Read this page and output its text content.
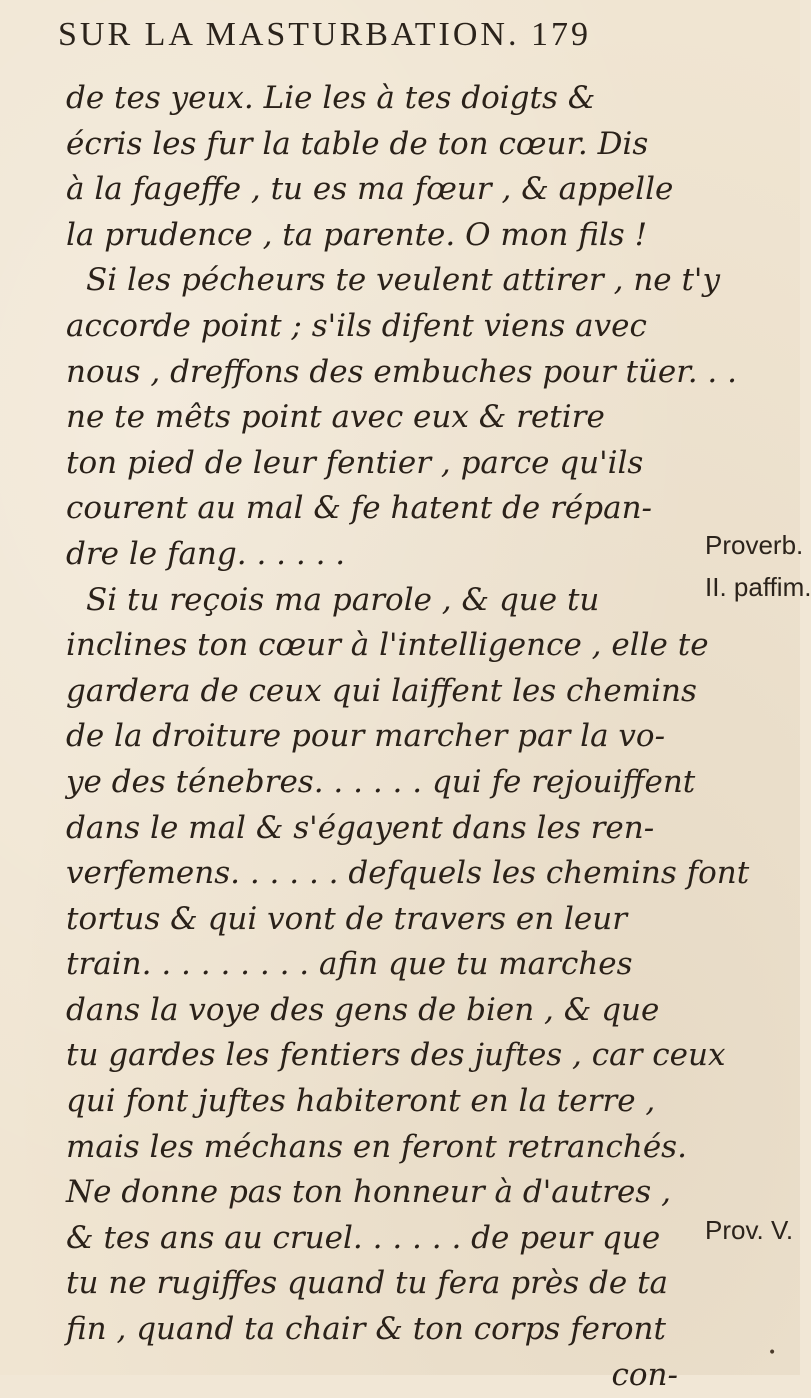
SUR LA MASTURBATION. 179
de tes yeux. Lie les à tes doigts &
écris les fur la table de ton cœur. Dis
à la fageffe , tu es ma fœur , & appelle
la prudence , ta parente. O mon fils !
Si les pécheurs te veulent attirer , ne t'y
accorde point ; s'ils difent viens avec
nous , dreffons des embuches pour tüer. . .
ne te mêts point avec eux & retire
ton pied de leur fentier , parce qu'ils
courent au mal & fe hatent de répan-
dre le fang. . . . . .
Si tu reçois ma parole , & que tu
inclines ton cœur à l'intelligence , elle te
gardera de ceux qui laiffent les chemins
de la droiture pour marcher par la vo-
ye des ténebres. . . . . . qui fe rejouiffent
dans le mal & s'égayent dans les ren-
verfemens. . . . . . defquels les chemins font
tortus & qui vont de travers en leur
train. . . . . . . . . afin que tu marches
dans la voye des gens de bien , & que
tu gardes les fentiers des juftes , car ceux
qui font juftes habiteront en la terre ,
mais les méchans en feront retranchés.
Ne donne pas ton honneur à d'autres ,
& tes ans au cruel. . . . . . de peur que
tu ne rugiffes quand tu fera près de ta
fin , quand ta chair & ton corps feront
con-
Proverb.
II. paffim.
Prov. V.
•
